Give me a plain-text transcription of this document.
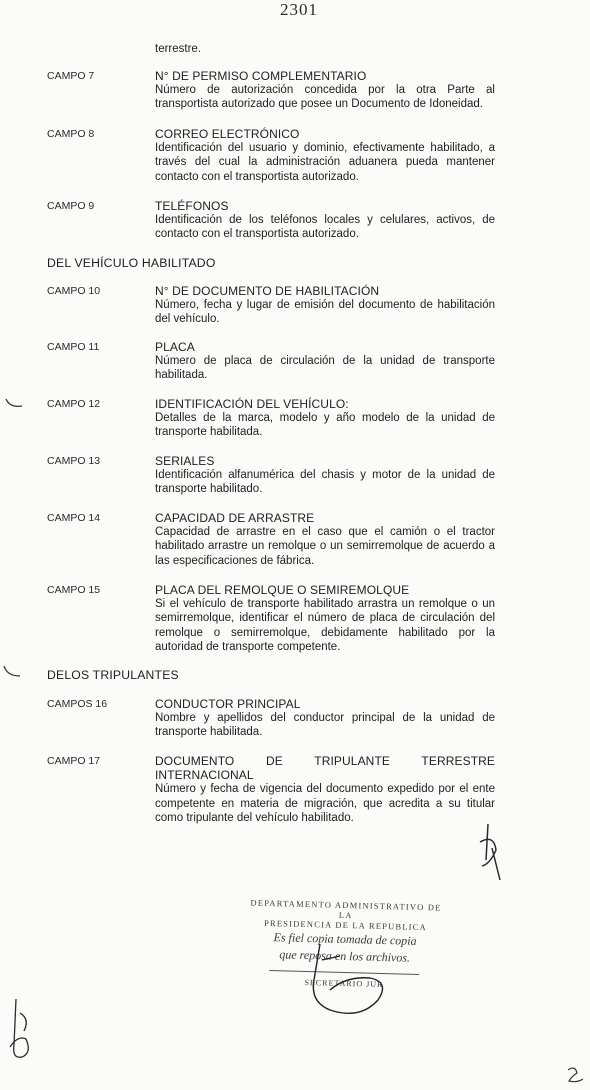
2301
terrestre.
CAMPO 7	N° DE PERMISO COMPLEMENTARIO
Número de autorización concedida por la otra Parte al transportista autorizado que posee un Documento de Idoneidad.
CAMPO 8	CORREO ELECTRÓNICO
Identificación del usuario y dominio, efectivamente habilitado, a través del cual la administración aduanera pueda mantener contacto con el transportista autorizado.
CAMPO 9	TELÉFONOS
Identificación de los teléfonos locales y celulares, activos, de contacto con el transportista autorizado.
DEL VEHÍCULO HABILITADO
CAMPO 10	N° DE DOCUMENTO DE HABILITACIÓN
Número, fecha y lugar de emisión del documento de habilitación del vehículo.
CAMPO 11	PLACA
Número de placa de circulación de la unidad de transporte habilitada.
CAMPO 12	IDENTIFICACIÓN DEL VEHÍCULO:
Detalles de la marca, modelo y año modelo de la unidad de transporte habilitada.
CAMPO 13	SERIALES
Identificación alfanumérica del chasis y motor de la unidad de transporte habilitado.
CAMPO 14	CAPACIDAD DE ARRASTRE
Capacidad de arrastre en el caso que el camión o el tractor habilitado arrastre un remolque o un semirremolque de acuerdo a las especificaciones de fábrica.
CAMPO 15	PLACA DEL REMOLQUE O SEMIREMOLQUE
Si el vehículo de transporte habilitado arrastra un remolque o un semirremolque, identificar el número de placa de circulación del remolque o semirremolque, debidamente habilitado por la autoridad de transporte competente.
DELOS TRIPULANTES
CAMPOS 16	CONDUCTOR PRINCIPAL
Nombre y apellidos del conductor principal de la unidad de transporte habilitada.
CAMPO 17	DOCUMENTO DE TRIPULANTE TERRESTRE INTERNACIONAL
Número y fecha de vigencia del documento expedido por el ente competente en materia de migración, que acredita a su titular como tripulante del vehículo habilitado.
DEPARTAMENTO ADMINISTRATIVO DE LA
PRESIDENCIA DE LA REPUBLICA
Es fiel copia tomada de copia
que reposa en los archivos.
SECRETARIO JUR
